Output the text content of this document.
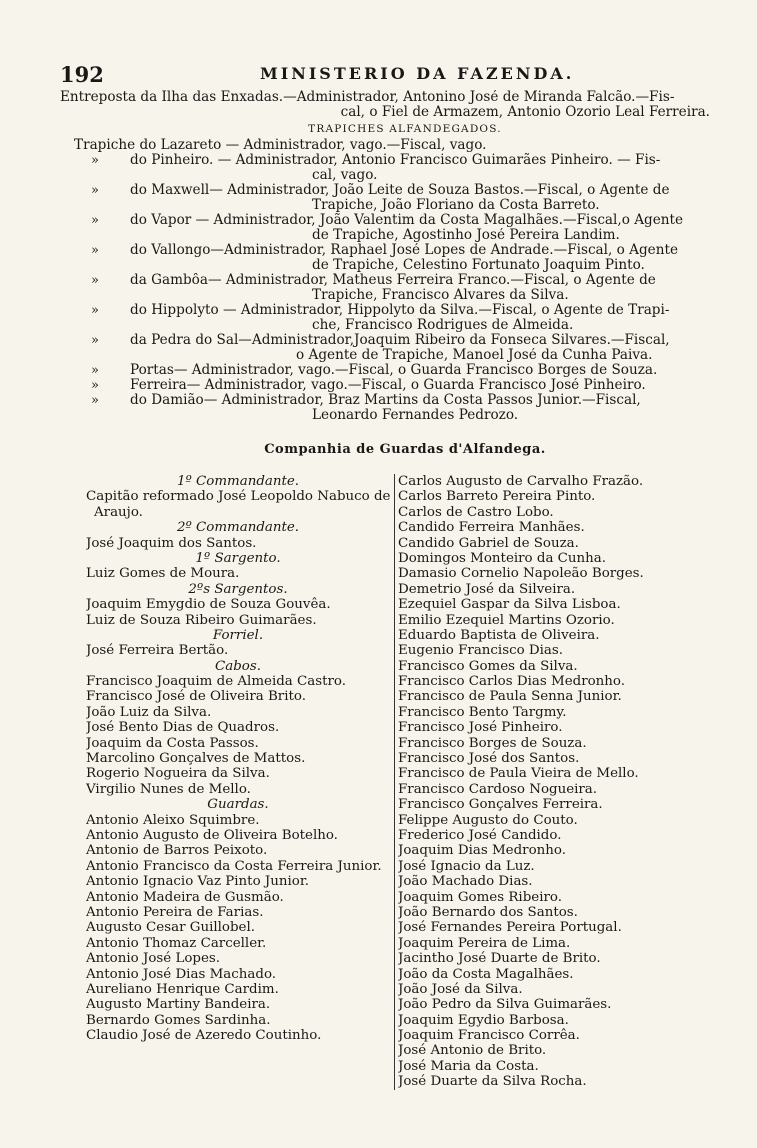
192	MINISTERIO DA FAZENDA.
Entreposta da Ilha das Enxadas.—Administrador, Antonino José de Miranda Falcão.—Fis-
cal, o Fiel de Armazem, Antonio Ozorio Leal Ferreira.
TRAPICHES ALFANDEGADOS.
Trapiche do Lazareto — Administrador, vago.—Fiscal, vago.
»	do Pinheiro. — Administrador, Antonio Francisco Guimarães Pinheiro. — Fis-
cal, vago.
»	do Maxwell— Administrador, João Leite de Souza Bastos.—Fiscal, o Agente de
Trapiche, João Floriano da Costa Barreto.
»	do Vapor — Administrador, João Valentim da Costa Magalhães.—Fiscal,o Agente
de Trapiche, Agostinho José Pereira Landim.
»	do Vallongo—Administrador, Raphael José Lopes de Andrade.—Fiscal, o Agente
de Trapiche, Celestino Fortunato Joaquim Pinto.
»	da Gambôa— Administrador, Matheus Ferreira Franco.—Fiscal, o Agente de
Trapiche, Francisco Alvares da Silva.
»	do Hippolyto — Administrador, Hippolyto da Silva.—Fiscal, o Agente de Trapi-
che, Francisco Rodrigues de Almeida.
»	da Pedra do Sal—Administrador,Joaquim Ribeiro da Fonseca Silvares.—Fiscal,
o Agente de Trapiche, Manoel José da Cunha Paiva.
»	Portas— Administrador, vago.—Fiscal, o Guarda Francisco Borges de Souza.
»	Ferreira— Administrador, vago.—Fiscal, o Guarda Francisco José Pinheiro.
»	do Damião— Administrador, Braz Martins da Costa Passos Junior.—Fiscal,
Leonardo Fernandes Pedrozo.
Companhia de Guardas d'Alfandega.
1º Commandante.
Capitão reformado José Leopoldo Nabuco de
Araujo.
2º Commandante.
José Joaquim dos Santos.
1º Sargento.
Luiz Gomes de Moura.
2ºs Sargentos.
Joaquim Emygdio de Souza Gouvêa.
Luiz de Souza Ribeiro Guimarães.
Forriel.
José Ferreira Bertão.
Cabos.
Francisco Joaquim de Almeida Castro.
Francisco José de Oliveira Brito.
João Luiz da Silva.
José Bento Dias de Quadros.
Joaquim da Costa Passos.
Marcolino Gonçalves de Mattos.
Rogerio Nogueira da Silva.
Virgilio Nunes de Mello.
Guardas.
Antonio Aleixo Squimbre.
Antonio Augusto de Oliveira Botelho.
Antonio de Barros Peixoto.
Antonio Francisco da Costa Ferreira Junior.
Antonio Ignacio Vaz Pinto Junior.
Antonio Madeira de Gusmão.
Antonio Pereira de Farias.
Augusto Cesar Guillobel.
Antonio Thomaz Carceller.
Antonio José Lopes.
Antonio José Dias Machado.
Aureliano Henrique Cardim.
Augusto Martiny Bandeira.
Bernardo Gomes Sardinha.
Claudio José de Azeredo Coutinho.
Carlos Augusto de Carvalho Frazão.
Carlos Barreto Pereira Pinto.
Carlos de Castro Lobo.
Candido Ferreira Manhães.
Candido Gabriel de Souza.
Domingos Monteiro da Cunha.
Damasio Cornelio Napoleão Borges.
Demetrio José da Silveira.
Ezequiel Gaspar da Silva Lisboa.
Emilio Ezequiel Martins Ozorio.
Eduardo Baptista de Oliveira.
Eugenio Francisco Dias.
Francisco Gomes da Silva.
Francisco Carlos Dias Medronho.
Francisco de Paula Senna Junior.
Francisco Bento Targmy.
Francisco José Pinheiro.
Francisco Borges de Souza.
Francisco José dos Santos.
Francisco de Paula Vieira de Mello.
Francisco Cardoso Nogueira.
Francisco Gonçalves Ferreira.
Felippe Augusto do Couto.
Frederico José Candido.
Joaquim Dias Medronho.
José Ignacio da Luz.
João Machado Dias.
Joaquim Gomes Ribeiro.
João Bernardo dos Santos.
José Fernandes Pereira Portugal.
Joaquim Pereira de Lima.
Jacintho José Duarte de Brito.
João da Costa Magalhães.
João José da Silva.
João Pedro da Silva Guimarães.
Joaquim Egydio Barbosa.
Joaquim Francisco Corrêa.
José Antonio de Brito.
José Maria da Costa.
José Duarte da Silva Rocha.
